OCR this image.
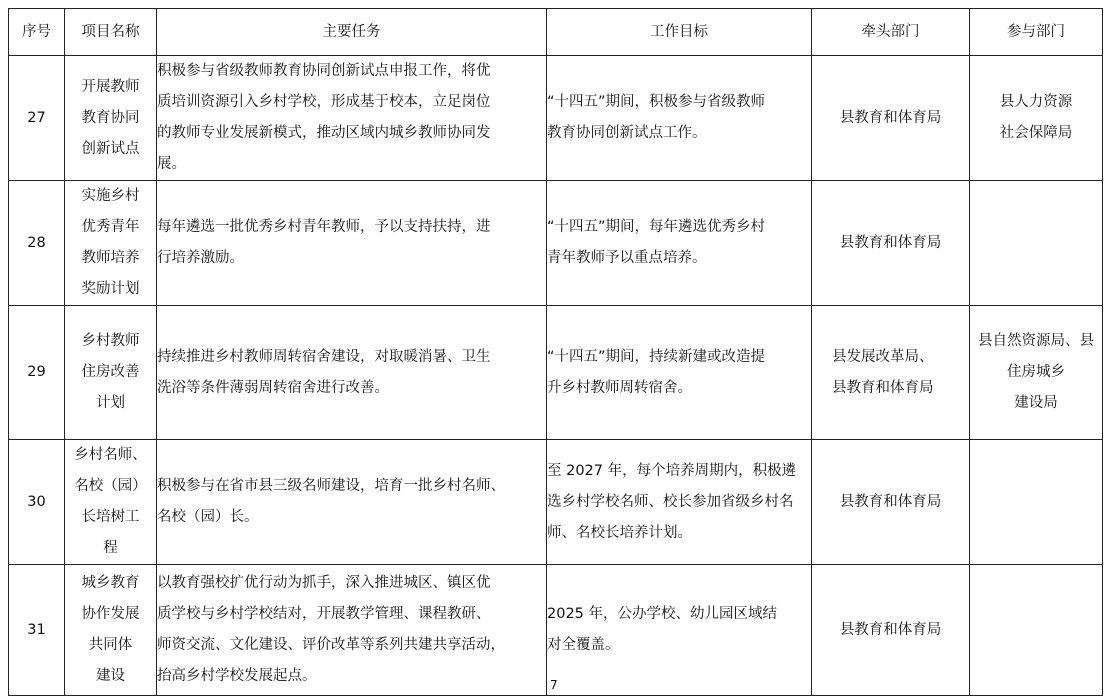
序号	项目名称	主要任务	工作目标	牵头部门	参与部门
27	开展教师
教育协同
创新试点	积极参与省级教师教育协同创新试点申报工作，将优
质培训资源引入乡村学校，形成基于校本，立足岗位
的教师专业发展新模式，推动区域内城乡教师协同发
展。	“十四五”期间，积极参与省级教师
教育协同创新试点工作。	县教育和体育局	县人力资源
社会保障局

28	实施乡村
优秀青年
教师培养
奖励计划	每年遴选一批优秀乡村青年教师，予以支持扶持，进
行培养激励。	“十四五”期间，每年遴选优秀乡村
青年教师予以重点培养。	县教育和体育局	

29	乡村教师
住房改善
计划	持续推进乡村教师周转宿舍建设，对取暖消暑、卫生
洗浴等条件薄弱周转宿舍进行改善。	“十四五”期间，持续新建或改造提
升乡村教师周转宿舍。	县发展改革局、
县教育和体育局	县自然资源局、县
住房城乡
建设局

30	乡村名师、
名校（园）
长培树工
程	积极参与在省市县三级名师建设，培育一批乡村名师、
名校（园）长。	至 2027 年，每个培养周期内，积极遴
选乡村学校名师、校长参加省级乡村名
师、名校长培养计划。	县教育和体育局	

31	城乡教育
协作发展
共同体
建设	以教育强校扩优行动为抓手，深入推进城区、镇区优
质学校与乡村学校结对，开展教学管理、课程教研、
师资交流、文化建设、评价改革等系列共建共享活动，
抬高乡村学校发展起点。	2025 年，公办学校、幼儿园区域结
对全覆盖。	县教育和体育局	

7
